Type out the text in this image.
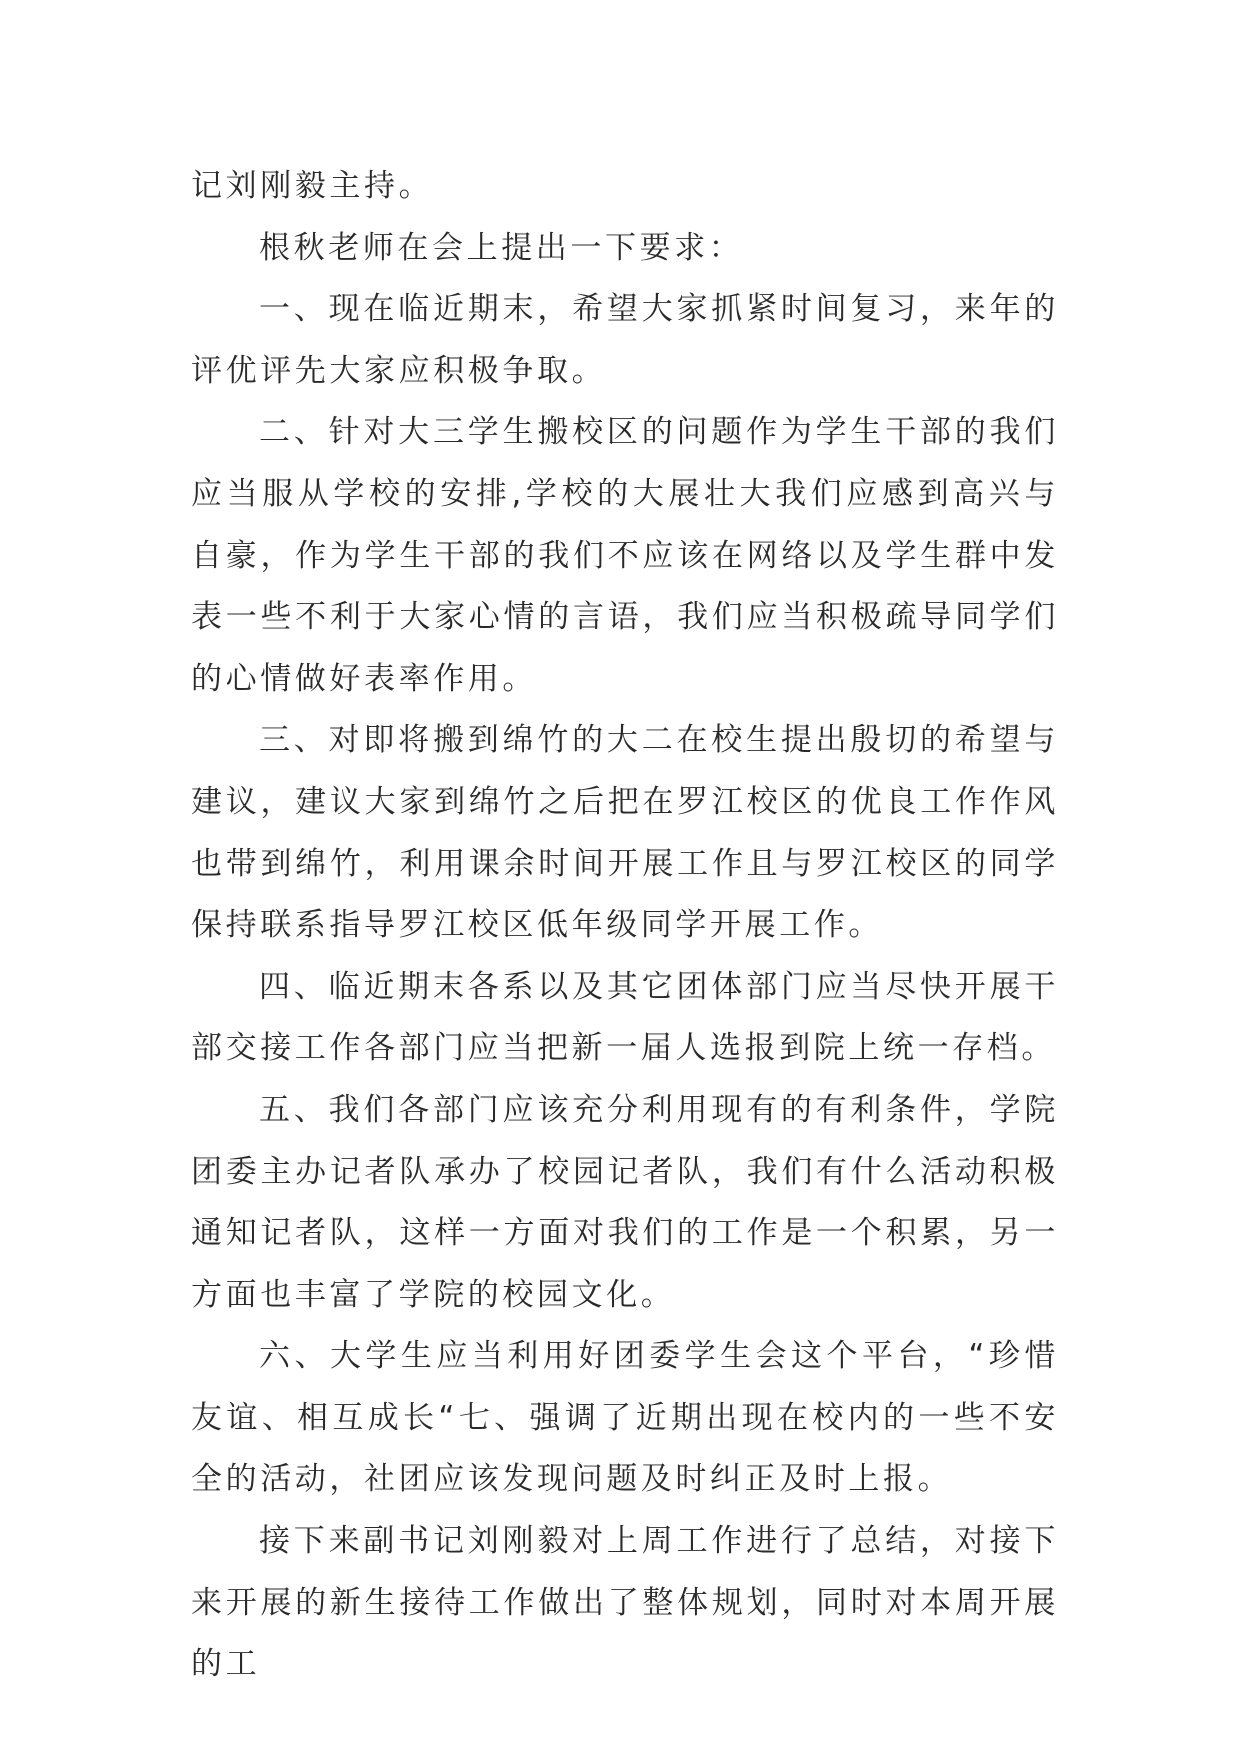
记刘刚毅主持。

根秋老师在会上提出一下要求：

一、现在临近期末，希望大家抓紧时间复习，来年的评优评先大家应积极争取。

二、针对大三学生搬校区的问题作为学生干部的我们应当服从学校的安排,学校的大展壮大我们应感到高兴与自豪，作为学生干部的我们不应该在网络以及学生群中发表一些不利于大家心情的言语，我们应当积极疏导同学们的心情做好表率作用。

三、对即将搬到绵竹的大二在校生提出殷切的希望与建议，建议大家到绵竹之后把在罗江校区的优良工作作风也带到绵竹，利用课余时间开展工作且与罗江校区的同学保持联系指导罗江校区低年级同学开展工作。

四、临近期末各系以及其它团体部门应当尽快开展干部交接工作各部门应当把新一届人选报到院上统一存档。

五、我们各部门应该充分利用现有的有利条件，学院团委主办记者队承办了校园记者队，我们有什么活动积极通知记者队，这样一方面对我们的工作是一个积累，另一方面也丰富了学院的校园文化。

六、大学生应当利用好团委学生会这个平台，“珍惜友谊、相互成长“七、强调了近期出现在校内的一些不安全的活动，社团应该发现问题及时纠正及时上报。

接下来副书记刘刚毅对上周工作进行了总结，对接下来开展的新生接待工作做出了整体规划，同时对本周开展的工
